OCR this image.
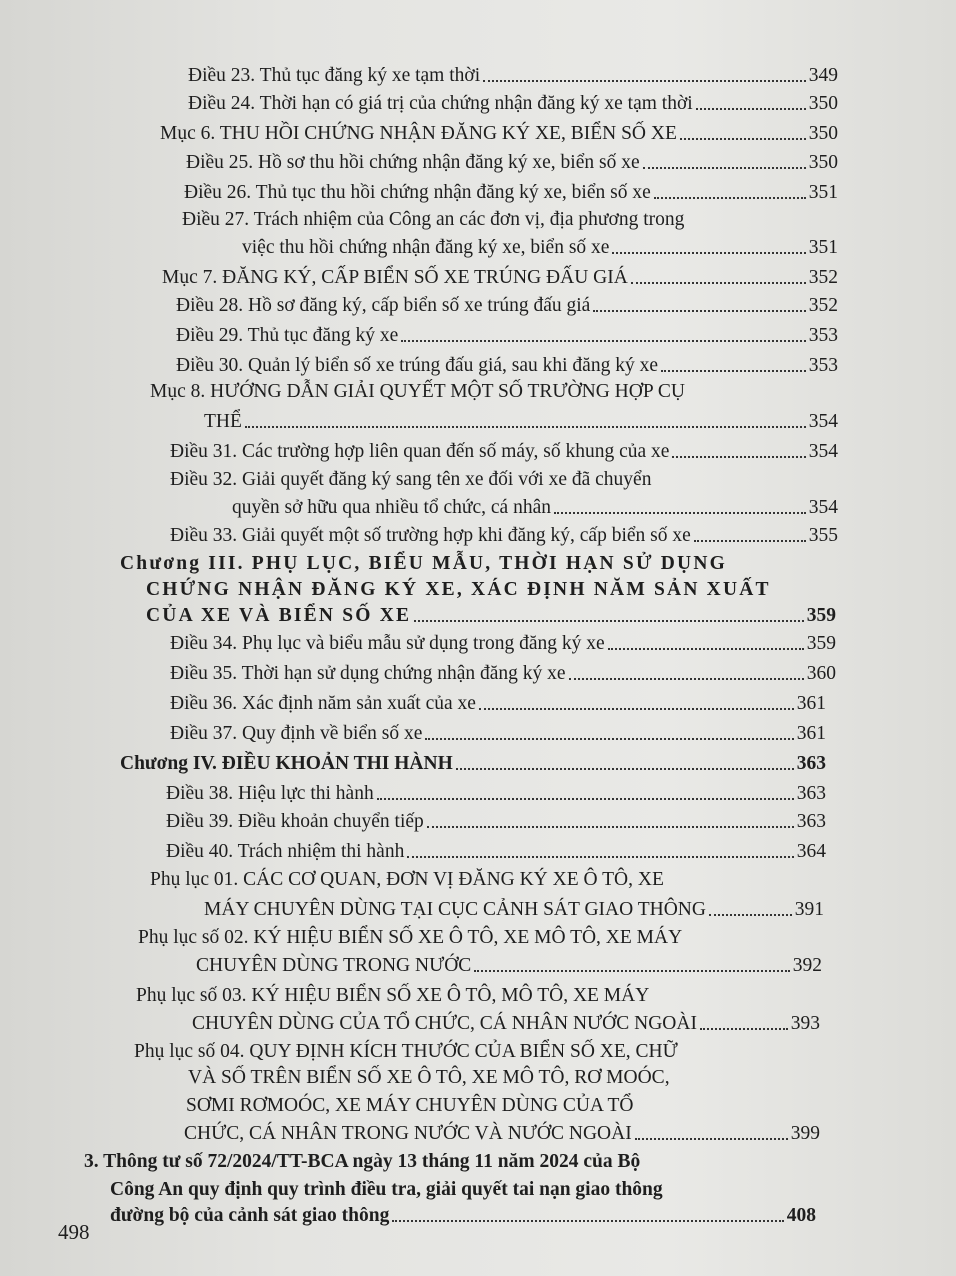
Điều 23. Thủ tục đăng ký xe tạm thời	349
Điều 24. Thời hạn có giá trị của chứng nhận đăng ký xe tạm thời	350
Mục 6. THU HỒI CHỨNG NHẬN ĐĂNG KÝ XE, BIỂN SỐ XE	350
Điều 25. Hồ sơ thu hồi chứng nhận đăng ký xe, biển số xe	350
Điều 26. Thủ tục thu hồi chứng nhận đăng ký xe, biển số xe	351
Điều 27. Trách nhiệm của Công an các đơn vị, địa phương trong
việc thu hồi chứng nhận đăng ký xe, biển số xe	351
Mục 7. ĐĂNG KÝ, CẤP BIỂN SỐ XE TRÚNG ĐẤU GIÁ	352
Điều 28. Hồ sơ đăng ký, cấp biển số xe trúng đấu giá	352
Điều 29. Thủ tục đăng ký xe	353
Điều 30. Quản lý biển số xe trúng đấu giá, sau khi đăng ký xe	353
Mục 8. HƯỚNG DẪN GIẢI QUYẾT MỘT SỐ TRƯỜNG HỢP CỤ
THỂ	354
Điều 31. Các trường hợp liên quan đến số máy, số khung của xe	354
Điều 32. Giải quyết đăng ký sang tên xe đối với xe đã chuyển
quyền sở hữu qua nhiều tổ chức, cá nhân	354
Điều 33. Giải quyết một số trường hợp khi đăng ký, cấp biển số xe	355
Chương III. PHỤ LỤC, BIỂU MẪU, THỜI HẠN SỬ DỤNG
CHỨNG NHẬN ĐĂNG KÝ XE, XÁC ĐỊNH NĂM SẢN XUẤT
CỦA XE VÀ BIỂN SỐ XE	359
Điều 34. Phụ lục và biểu mẫu sử dụng trong đăng ký xe	359
Điều 35. Thời hạn sử dụng chứng nhận đăng ký xe	360
Điều 36. Xác định năm sản xuất của xe	361
Điều 37. Quy định về biển số xe	361
Chương IV. ĐIỀU KHOẢN THI HÀNH	363
Điều 38. Hiệu lực thi hành	363
Điều 39. Điều khoản chuyển tiếp	363
Điều 40. Trách nhiệm thi hành	364
Phụ lục 01. CÁC CƠ QUAN, ĐƠN VỊ ĐĂNG KÝ XE Ô TÔ, XE
MÁY CHUYÊN DÙNG TẠI CỤC CẢNH SÁT GIAO THÔNG	391
Phụ lục số 02. KÝ HIỆU BIỂN SỐ XE Ô TÔ, XE MÔ TÔ, XE MÁY
CHUYÊN DÙNG TRONG NƯỚC	392
Phụ lục số 03. KÝ HIỆU BIỂN SỐ XE Ô TÔ, MÔ TÔ, XE MÁY
CHUYÊN DÙNG CỦA TỔ CHỨC, CÁ NHÂN NƯỚC NGOÀI	393
Phụ lục số 04. QUY ĐỊNH KÍCH THƯỚC CỦA BIỂN SỐ XE, CHỮ
VÀ SỐ TRÊN BIỂN SỐ XE Ô TÔ, XE MÔ TÔ, RƠ MOÓC,
SƠMI RƠMOÓC, XE MÁY CHUYÊN DÙNG CỦA TỔ
CHỨC, CÁ NHÂN TRONG NƯỚC VÀ NƯỚC NGOÀI	399
3. Thông tư số 72/2024/TT-BCA ngày 13 tháng 11 năm 2024 của Bộ
Công An quy định quy trình điều tra, giải quyết tai nạn giao thông
đường bộ của cảnh sát giao thông	408
498
